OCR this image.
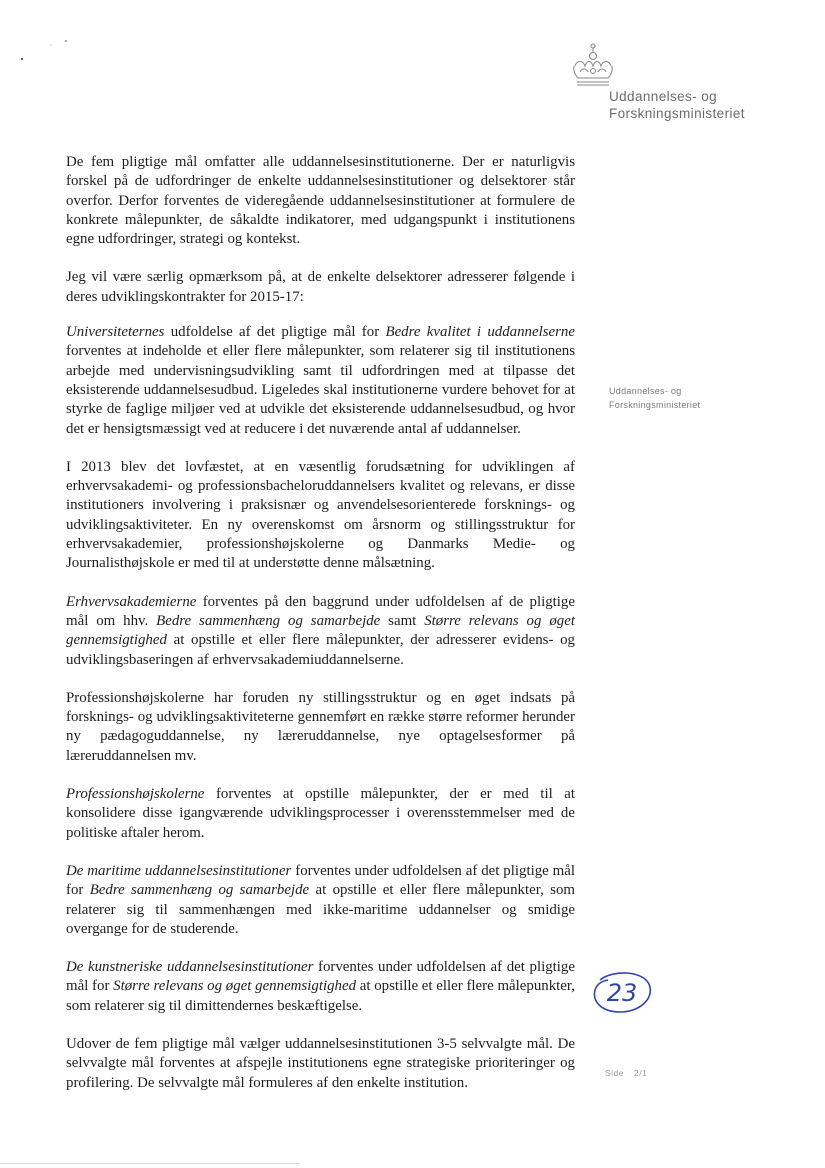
Uddannelses- og
Forskningsministeriet
Uddannelses- og
Forskningsministeriet

De fem pligtige mål omfatter alle uddannelsesinstitutionerne. Der er naturligvis forskel på de udfordringer de enkelte uddannelsesinstitutioner og delsektorer står overfor. Derfor forventes de videregående uddannelsesinstitutioner at formulere de konkrete målepunkter, de såkaldte indikatorer, med udgangspunkt i institutionens egne udfordringer, strategi og kontekst.

Jeg vil være særlig opmærksom på, at de enkelte delsektorer adresserer følgende i deres udviklingskontrakter for 2015-17:

Universiteternes udfoldelse af det pligtige mål for Bedre kvalitet i uddannelserne forventes at indeholde et eller flere målepunkter, som relaterer sig til institutionens arbejde med undervisningsudvikling samt til udfordringen med at tilpasse det eksisterende uddannelsesudbud. Ligeledes skal institutionerne vurdere behovet for at styrke de faglige miljøer ved at udvikle det eksisterende uddannelsesudbud, og hvor det er hensigtsmæssigt ved at reducere i det nuværende antal af uddannelser.

I 2013 blev det lovfæstet, at en væsentlig forudsætning for udviklingen af erhvervsakademi- og professionsbacheloruddannelsers kvalitet og relevans, er disse institutioners involvering i praksisnær og anvendelsesorienterede forsknings- og udviklingsaktiviteter. En ny overenskomst om årsnorm og stillingsstruktur for erhvervsakademier, professionshøjskolerne og Danmarks Medie- og Journalisthøjskole er med til at understøtte denne målsætning.

Erhvervsakademierne forventes på den baggrund under udfoldelsen af de pligtige mål om hhv. Bedre sammenhæng og samarbejde samt Større relevans og øget gennemsigtighed at opstille et eller flere målepunkter, der adresserer evidens- og udviklingsbaseringen af erhvervsakademiuddannelserne.

Professionshøjskolerne har foruden ny stillingsstruktur og en øget indsats på forsknings- og udviklingsaktiviteterne gennemført en række større reformer herunder ny pædagoguddannelse, ny læreruddannelse, nye optagelsesformer på læreruddannelsen mv.

Professionshøjskolerne forventes at opstille målepunkter, der er med til at konsolidere disse igangværende udviklingsprocesser i overensstemmelser med de politiske aftaler herom.

De maritime uddannelsesinstitutioner forventes under udfoldelsen af det pligtige mål for Bedre sammenhæng og samarbejde at opstille et eller flere målepunkter, som relaterer sig til sammenhængen med ikke-maritime uddannelser og smidige overgange for de studerende.

De kunstneriske uddannelsesinstitutioner forventes under udfoldelsen af det pligtige mål for Større relevans og øget gennemsigtighed at opstille et eller flere målepunkter, som relaterer sig til dimittendernes beskæftigelse.

Udover de fem pligtige mål vælger uddannelsesinstitutionen 3-5 selvvalgte mål. De selvvalgte mål forventes at afspejle institutionens egne strategiske prioriteringer og profilering. De selvvalgte mål formuleres af den enkelte institution.

23
Side 2/1
